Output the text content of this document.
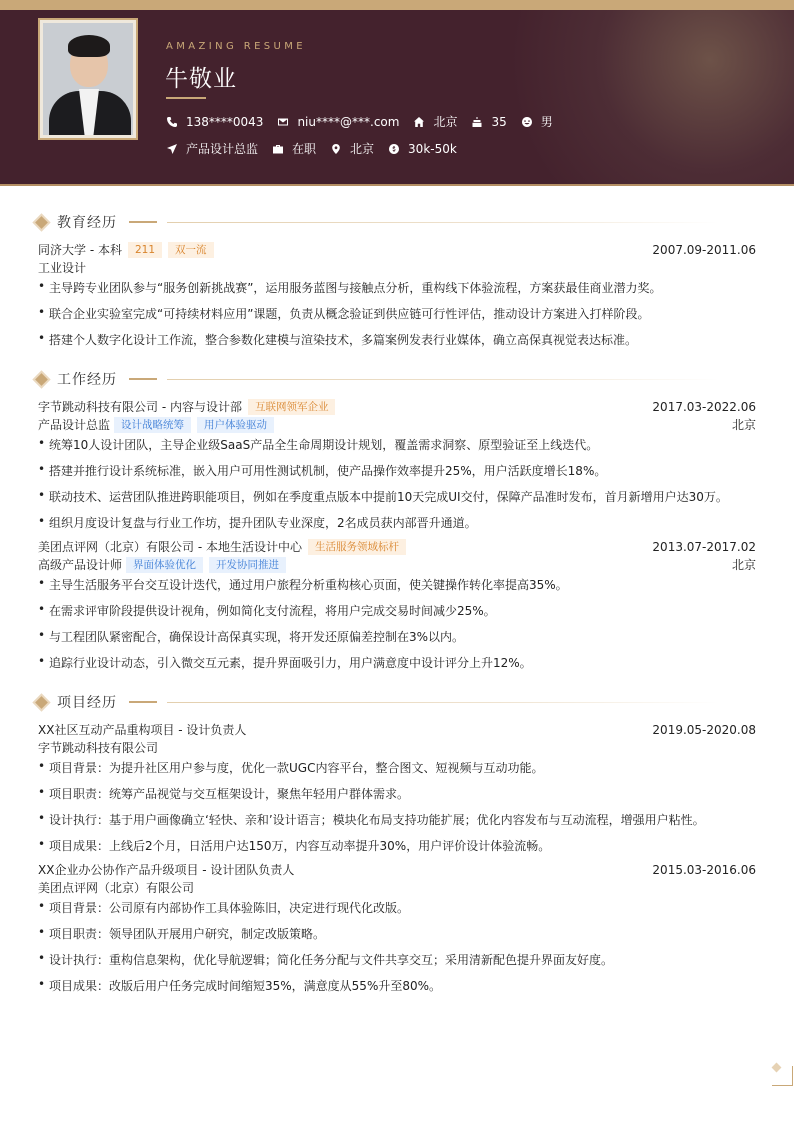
AMAZING RESUME
牛敬业
138****0043	niu****@***.com	北京	35	男
产品设计总监	在职	北京	30k-50k
教育经历
同济大学 - 本科	211	双一流	2007.09-2011.06
工业设计
•
主导跨专业团队参与“服务创新挑战赛”，运用服务蓝图与接触点分析，重构线下体验流程，方案获最佳商业潜力奖。
•
联合企业实验室完成“可持续材料应用”课题，负责从概念验证到供应链可行性评估，推动设计方案进入打样阶段。
•
搭建个人数字化设计工作流，整合参数化建模与渲染技术，多篇案例发表行业媒体，确立高保真视觉表达标准。
工作经历
字节跳动科技有限公司 - 内容与设计部	互联网领军企业	2017.03-2022.06
产品设计总监	设计战略统筹	用户体验驱动	北京
•
统筹10人设计团队，主导企业级SaaS产品全生命周期设计规划，覆盖需求洞察、原型验证至上线迭代。
•
搭建并推行设计系统标准，嵌入用户可用性测试机制，使产品操作效率提升25%，用户活跃度增长18%。
•
联动技术、运营团队推进跨职能项目，例如在季度重点版本中提前10天完成UI交付，保障产品准时发布，首月新增用户达30万。
•
组织月度设计复盘与行业工作坊，提升团队专业深度，2名成员获内部晋升通道。
美团点评网（北京）有限公司 - 本地生活设计中心	生活服务领域标杆	2013.07-2017.02
高级产品设计师	界面体验优化	开发协同推进	北京
•
主导生活服务平台交互设计迭代，通过用户旅程分析重构核心页面，使关键操作转化率提高35%。
•
在需求评审阶段提供设计视角，例如简化支付流程，将用户完成交易时间减少25%。
•
与工程团队紧密配合，确保设计高保真实现，将开发还原偏差控制在3%以内。
•
追踪行业设计动态，引入微交互元素，提升界面吸引力，用户满意度中设计评分上升12%。
项目经历
XX社区互动产品重构项目 - 设计负责人	2019.05-2020.08
字节跳动科技有限公司
•
项目背景：为提升社区用户参与度，优化一款UGC内容平台，整合图文、短视频与互动功能。
•
项目职责：统筹产品视觉与交互框架设计，聚焦年轻用户群体需求。
•
设计执行：基于用户画像确立‘轻快、亲和’设计语言；模块化布局支持功能扩展；优化内容发布与互动流程，增强用户粘性。
•
项目成果：上线后2个月，日活用户达150万，内容互动率提升30%，用户评价设计体验流畅。
XX企业办公协作产品升级项目 - 设计团队负责人	2015.03-2016.06
美团点评网（北京）有限公司
•
项目背景：公司原有内部协作工具体验陈旧，决定进行现代化改版。
•
项目职责：领导团队开展用户研究，制定改版策略。
•
设计执行：重构信息架构，优化导航逻辑；简化任务分配与文件共享交互；采用清新配色提升界面友好度。
•
项目成果：改版后用户任务完成时间缩短35%，满意度从55%升至80%。
